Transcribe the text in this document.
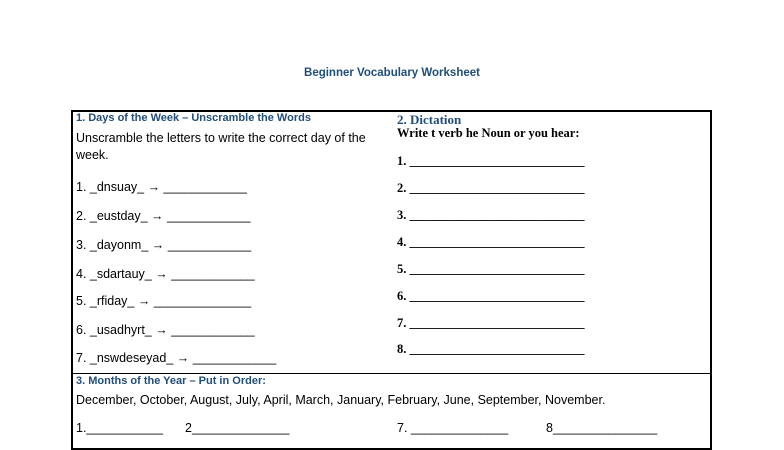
Beginner Vocabulary Worksheet
1. Days of the Week – Unscramble the Words
Unscramble the letters to write the correct day of the week.
1. _dnsuay_ → ____________
2. _eustday_ → ____________
3. _dayonm_ → ____________
4. _sdartauy_ → ____________
5. _rfiday_ → ______________
6. _usadhyrt_ → ____________
7. _nswdeseyad_ → ____________
2. Dictation
Write t verb he Noun or you hear:
1. ____________________________
2. ____________________________
3. ____________________________
4. ____________________________
5. ____________________________
6. ____________________________
7. ____________________________
8. ____________________________
3. Months of the Year – Put in Order:
December, October, August, July, April, March, January, February, June, September, November.
1.___________ 2______________	7. ______________	8_______________
